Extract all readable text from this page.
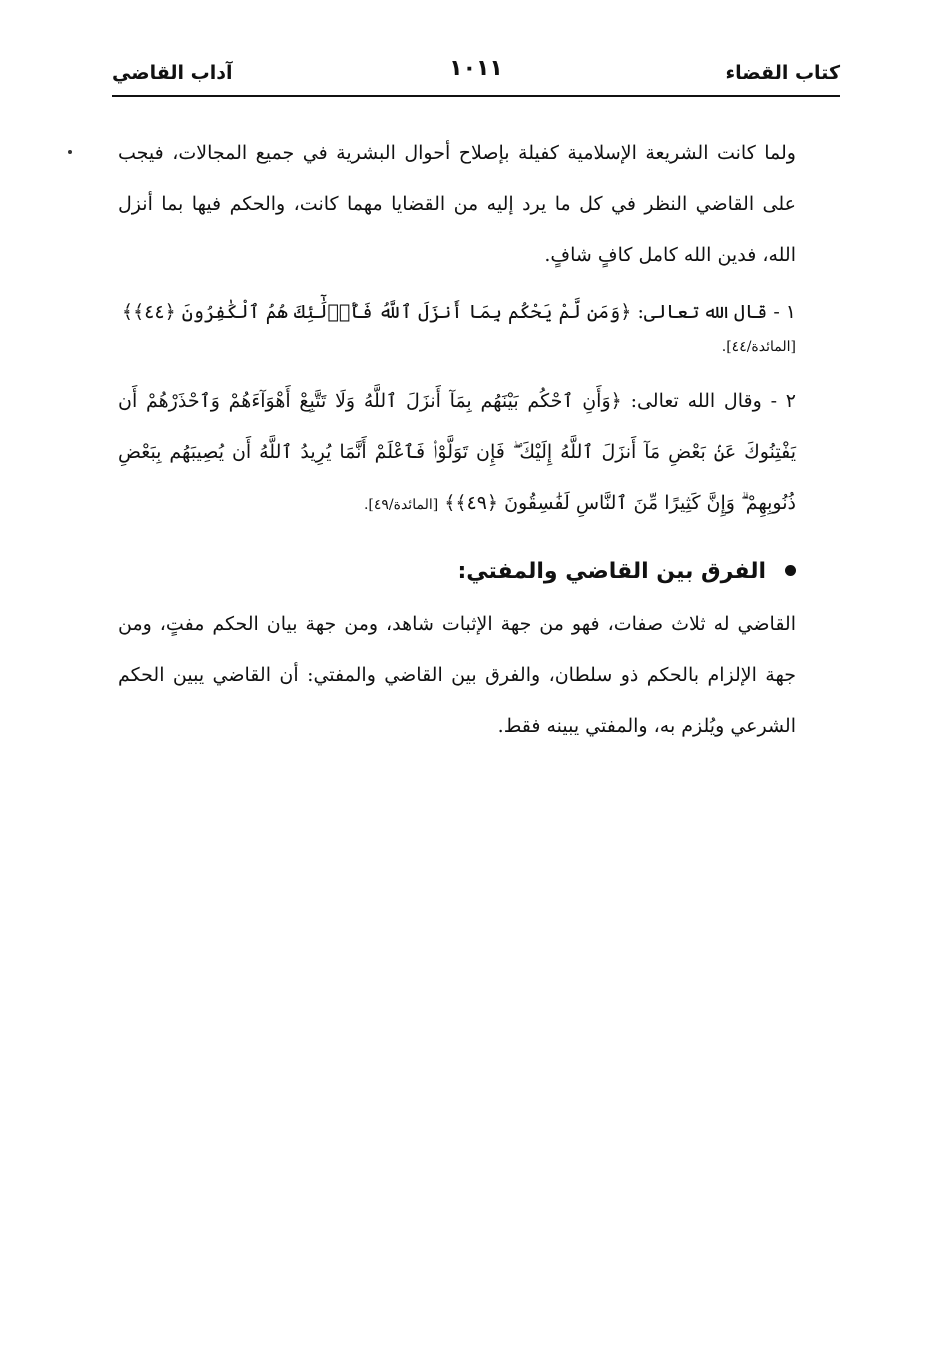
كتاب القضاء
١٠١١
آداب القاضي

ولما كانت الشريعة الإسلامية كفيلة بإصلاح أحوال البشرية في جميع المجالات، فيجب على القاضي النظر في كل ما يرد إليه من القضايا مهما كانت، والحكم فيها بما أنزل الله، فدين الله كامل كافٍ شافٍ.

١ - قال الله تعالى: ﴿وَمَن لَّمْ يَحْكُم بِمَا أَنزَلَ ٱللَّهُ فَأُو۟لَٰٓئِكَ هُمُ ٱلْكَٰفِرُونَ ﴿٤٤﴾﴾

[المائدة/٤٤].

٢ - وقال الله تعالى: ﴿وَأَنِ ٱحْكُم بَيْنَهُم بِمَآ أَنزَلَ ٱللَّهُ وَلَا تَتَّبِعْ أَهْوَآءَهُمْ وَٱحْذَرْهُمْ أَن يَفْتِنُوكَ عَنۢ بَعْضِ مَآ أَنزَلَ ٱللَّهُ إِلَيْكَ ۖ فَإِن تَوَلَّوْا۟ فَٱعْلَمْ أَنَّمَا يُرِيدُ ٱللَّهُ أَن يُصِيبَهُم بِبَعْضِ ذُنُوبِهِمْ ۗ وَإِنَّ كَثِيرًا مِّنَ ٱلنَّاسِ لَفَٰسِقُونَ ﴿٤٩﴾﴾ [المائدة/٤٩].

الفرق بين القاضي والمفتي:

القاضي له ثلاث صفات، فهو من جهة الإثبات شاهد، ومن جهة بيان الحكم مفتٍ، ومن جهة الإلزام بالحكم ذو سلطان، والفرق بين القاضي والمفتي: أن القاضي يبين الحكم الشرعي ويُلزم به، والمفتي يبينه فقط.
